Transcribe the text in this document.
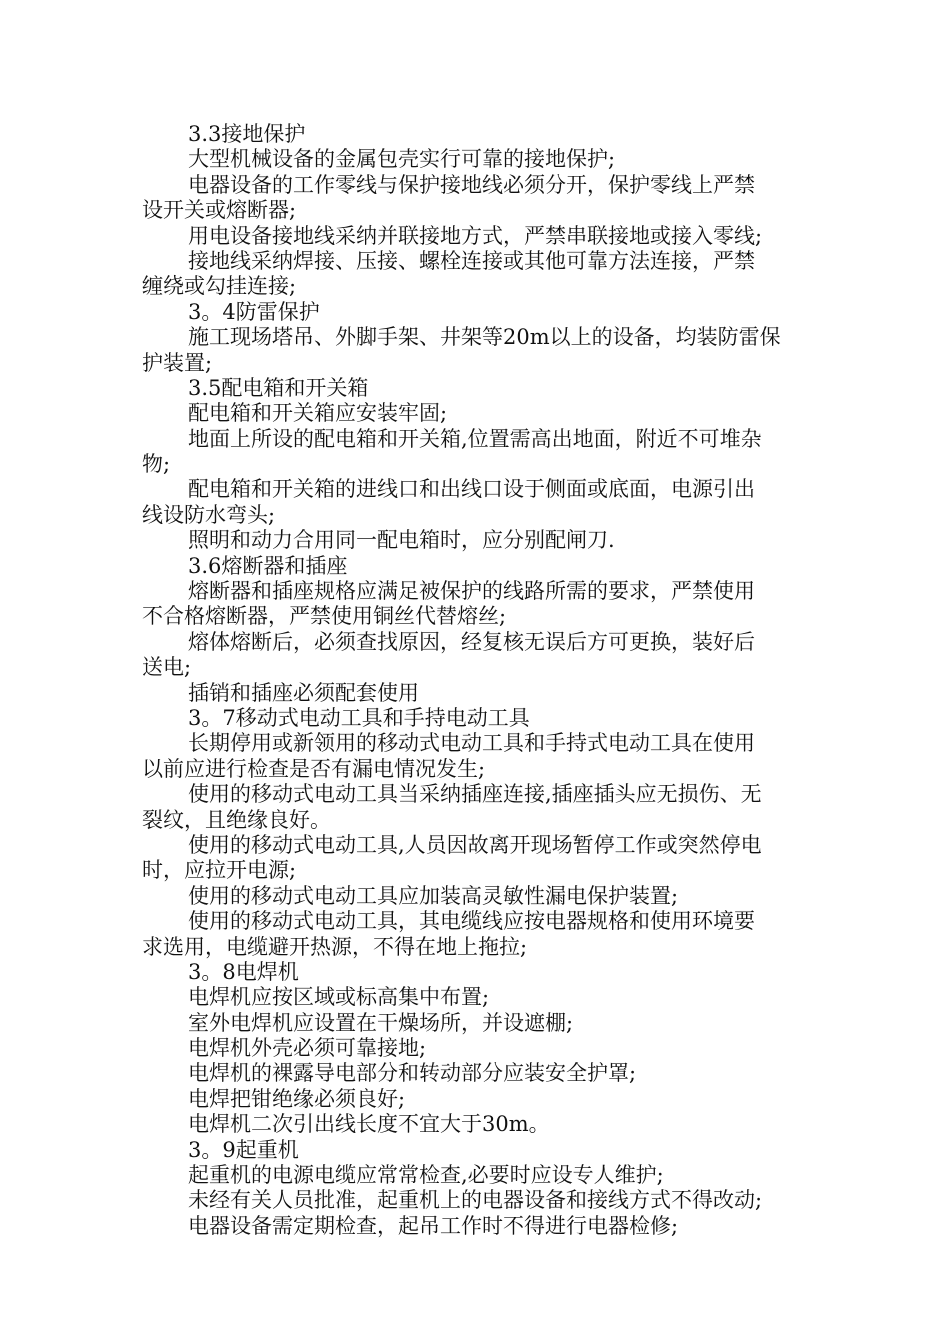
3.3接地保护
大型机械设备的金属包壳实行可靠的接地保护;
电器设备的工作零线与保护接地线必须分开，保护零线上严禁
设开关或熔断器;
用电设备接地线采纳并联接地方式，严禁串联接地或接入零线;
接地线采纳焊接、压接、螺栓连接或其他可靠方法连接，严禁
缠绕或勾挂连接;
3。4防雷保护
施工现场塔吊、外脚手架、井架等20m以上的设备，均装防雷保
护装置;
3.5配电箱和开关箱
配电箱和开关箱应安装牢固;
地面上所设的配电箱和开关箱,位置需高出地面，附近不可堆杂
物;
配电箱和开关箱的进线口和出线口设于侧面或底面，电源引出
线设防水弯头;
照明和动力合用同一配电箱时，应分别配闸刀.
3.6熔断器和插座
熔断器和插座规格应满足被保护的线路所需的要求，严禁使用
不合格熔断器，严禁使用铜丝代替熔丝;
熔体熔断后，必须查找原因，经复核无误后方可更换，装好后
送电;
插销和插座必须配套使用
3。7移动式电动工具和手持电动工具
长期停用或新领用的移动式电动工具和手持式电动工具在使用
以前应进行检查是否有漏电情况发生;
使用的移动式电动工具当采纳插座连接,插座插头应无损伤、无
裂纹，且绝缘良好。
使用的移动式电动工具,人员因故离开现场暂停工作或突然停电
时，应拉开电源;
使用的移动式电动工具应加装高灵敏性漏电保护装置;
使用的移动式电动工具，其电缆线应按电器规格和使用环境要
求选用，电缆避开热源，不得在地上拖拉;
3。8电焊机
电焊机应按区域或标高集中布置;
室外电焊机应设置在干燥场所，并设遮棚;
电焊机外壳必须可靠接地;
电焊机的裸露导电部分和转动部分应装安全护罩;
电焊把钳绝缘必须良好;
电焊机二次引出线长度不宜大于30m。
3。9起重机
起重机的电源电缆应常常检查,必要时应设专人维护;
未经有关人员批准，起重机上的电器设备和接线方式不得改动;
电器设备需定期检查，起吊工作时不得进行电器检修;
